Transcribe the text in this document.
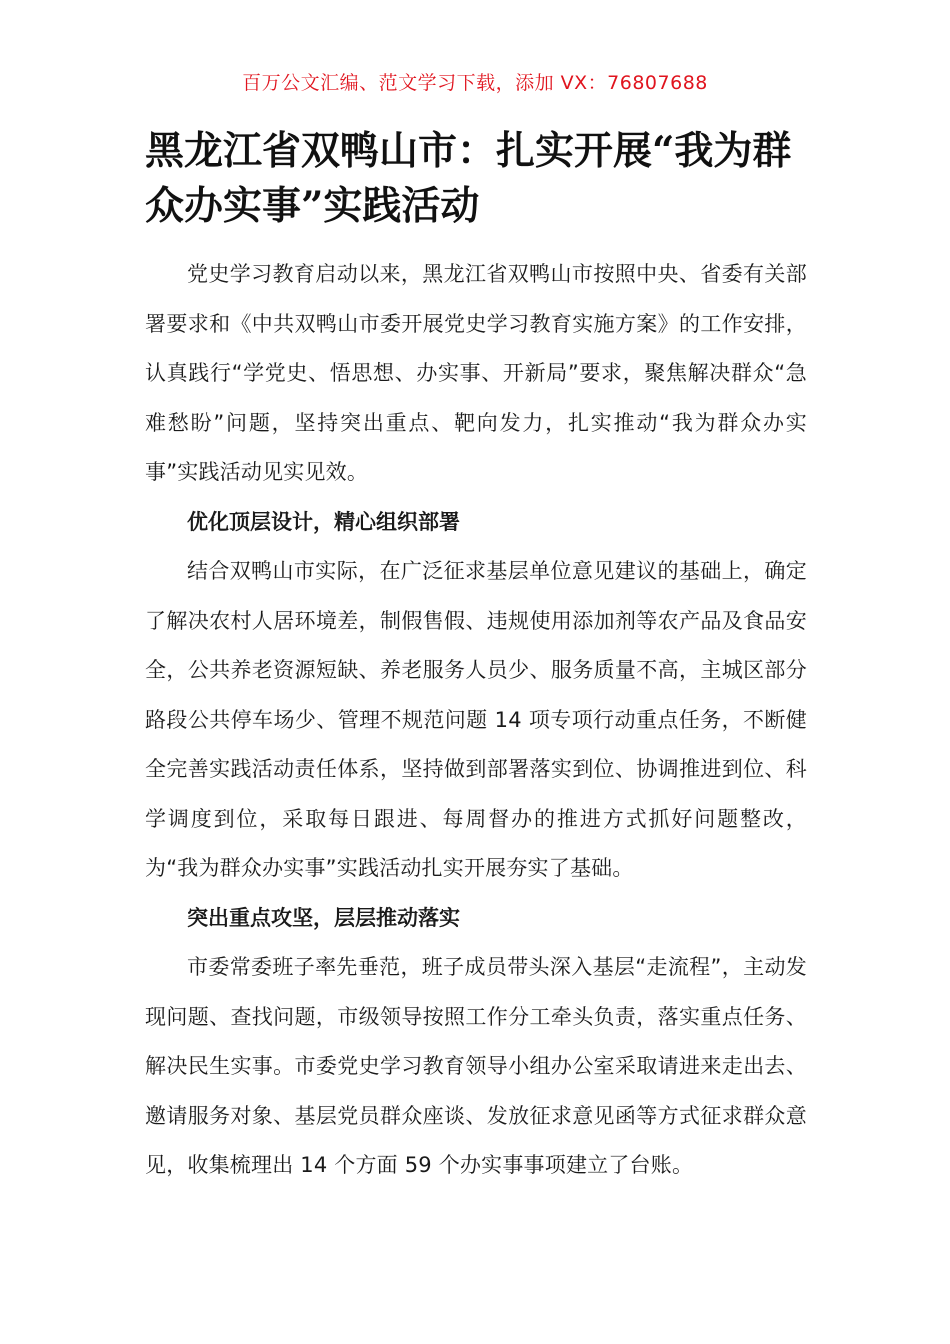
百万公文汇编、范文学习下载，添加 VX：76807688
黑龙江省双鸭山市：扎实开展“我为群众办实事”实践活动

党史学习教育启动以来，黑龙江省双鸭山市按照中央、省委有关部署要求和《中共双鸭山市委开展党史学习教育实施方案》的工作安排，认真践行“学党史、悟思想、办实事、开新局”要求，聚焦解决群众“急难愁盼”问题，坚持突出重点、靶向发力，扎实推动“我为群众办实事”实践活动见实见效。

优化顶层设计，精心组织部署

结合双鸭山市实际，在广泛征求基层单位意见建议的基础上，确定了解决农村人居环境差，制假售假、违规使用添加剂等农产品及食品安全，公共养老资源短缺、养老服务人员少、服务质量不高，主城区部分路段公共停车场少、管理不规范问题 14 项专项行动重点任务，不断健全完善实践活动责任体系，坚持做到部署落实到位、协调推进到位、科学调度到位，采取每日跟进、每周督办的推进方式抓好问题整改，为“我为群众办实事”实践活动扎实开展夯实了基础。

突出重点攻坚，层层推动落实

市委常委班子率先垂范，班子成员带头深入基层“走流程”，主动发现问题、查找问题，市级领导按照工作分工牵头负责，落实重点任务、解决民生实事。市委党史学习教育领导小组办公室采取请进来走出去、邀请服务对象、基层党员群众座谈、发放征求意见函等方式征求群众意见，收集梳理出 14 个方面 59 个办实事事项建立了台账。
